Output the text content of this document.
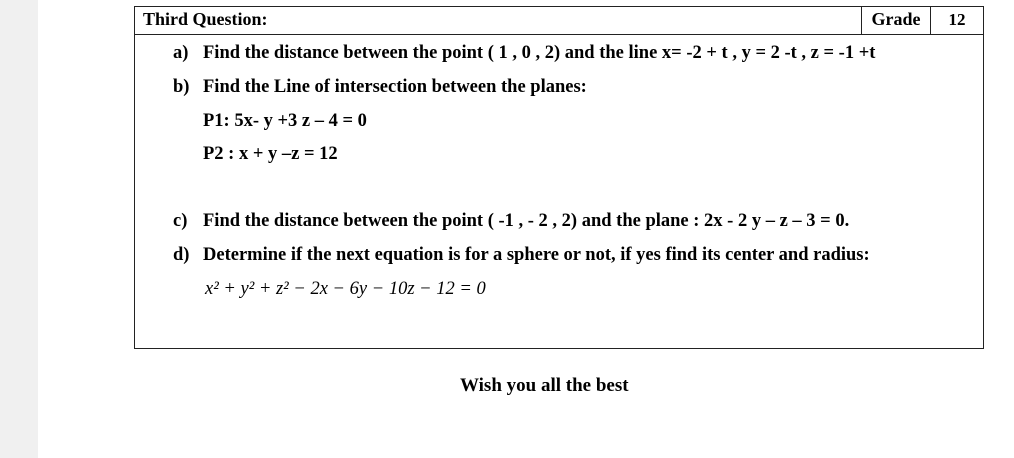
Third Question:	Grade	12
a) Find the distance between the point ( 1 , 0 , 2) and the line x= -2 + t , y = 2 -t , z = -1 +t
b) Find the Line of intersection between the planes:
P1: 5x- y +3 z – 4 = 0
P2 : x + y –z = 12
c) Find the distance between the point ( -1 , - 2 , 2) and the plane : 2x - 2 y – z – 3 = 0.
d) Determine if the next equation is for a sphere or not, if yes find its center and radius:
x² + y² + z² − 2x − 6y − 10z − 12 = 0
Wish you all the best
